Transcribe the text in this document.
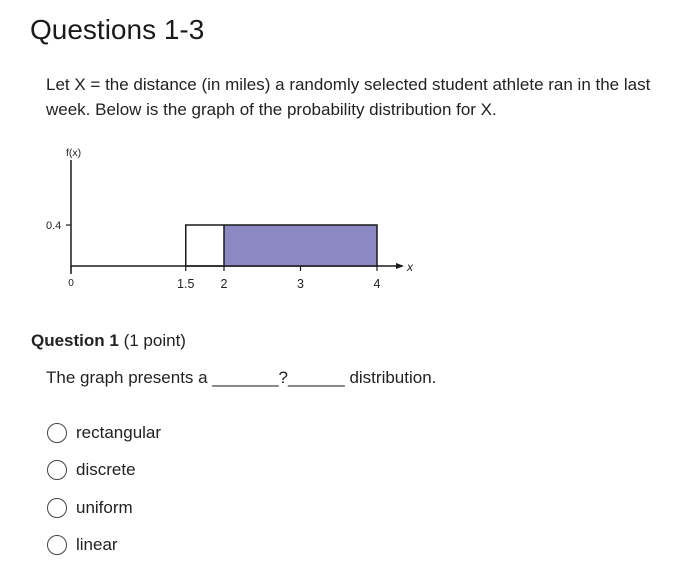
Questions 1-3

Let X = the distance (in miles) a randomly selected student athlete ran in the last week. Below is the graph of the probability distribution for X.

f(x)
x
0.4
0	1.5 2	3	4
Question 1 (1 point)
The graph presents a _______?______ distribution.
rectangular
discrete
uniform
linear
